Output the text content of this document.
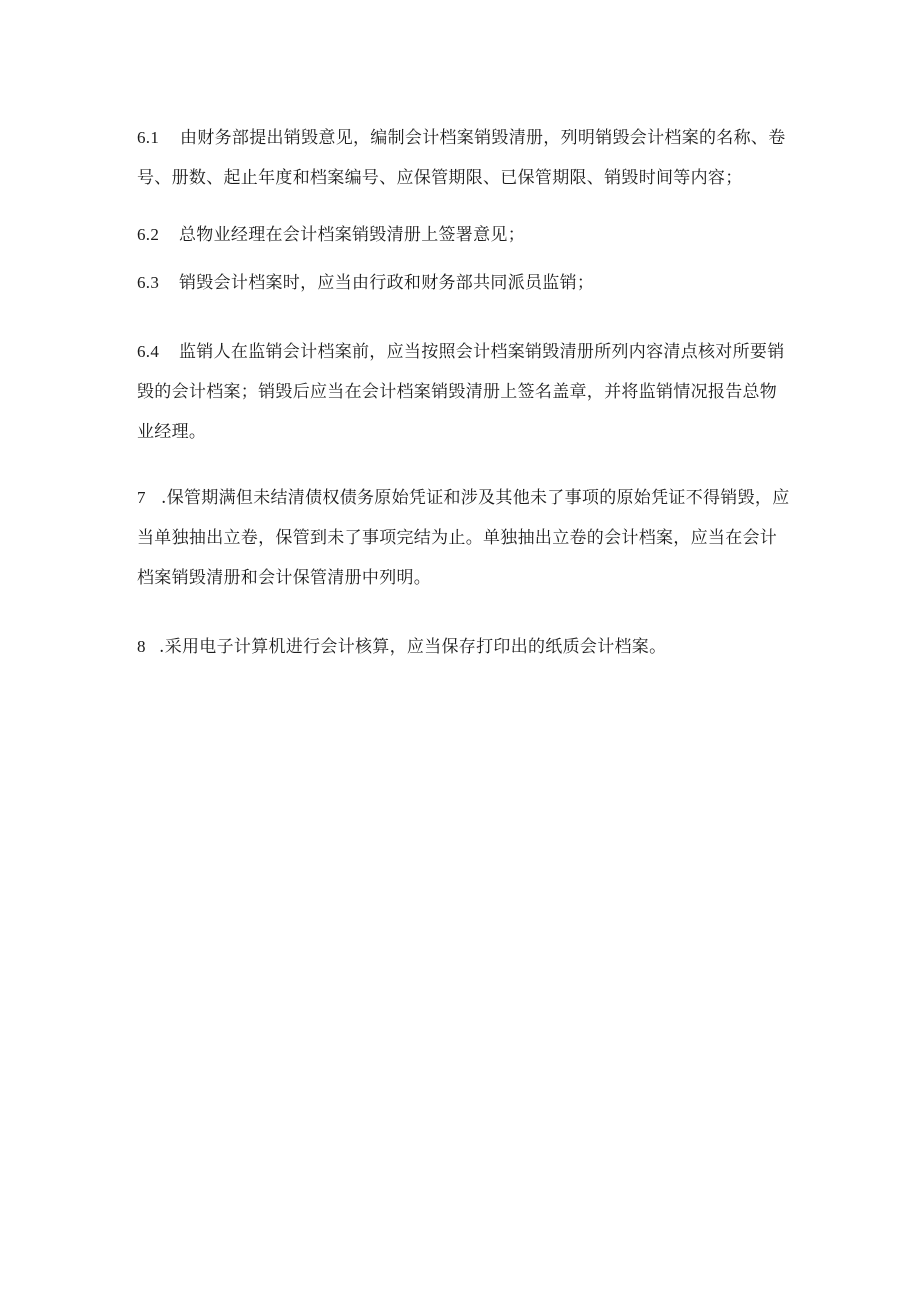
6.1 由财务部提出销毁意见，编制会计档案销毁清册，列明销毁会计档案的名称、卷
号、册数、起止年度和档案编号、应保管期限、已保管期限、销毁时间等内容；
6.2 总物业经理在会计档案销毁清册上签署意见；
6.3 销毁会计档案时，应当由行政和财务部共同派员监销；
6.4 监销人在监销会计档案前，应当按照会计档案销毁清册所列内容清点核对所要销
毁的会计档案；销毁后应当在会计档案销毁清册上签名盖章，并将监销情况报告总物
业经理。
7 .保管期满但未结清债权债务原始凭证和涉及其他未了事项的原始凭证不得销毁，应
当单独抽出立卷，保管到未了事项完结为止。单独抽出立卷的会计档案，应当在会计
档案销毁清册和会计保管清册中列明。
8 .采用电子计算机进行会计核算，应当保存打印出的纸质会计档案。
